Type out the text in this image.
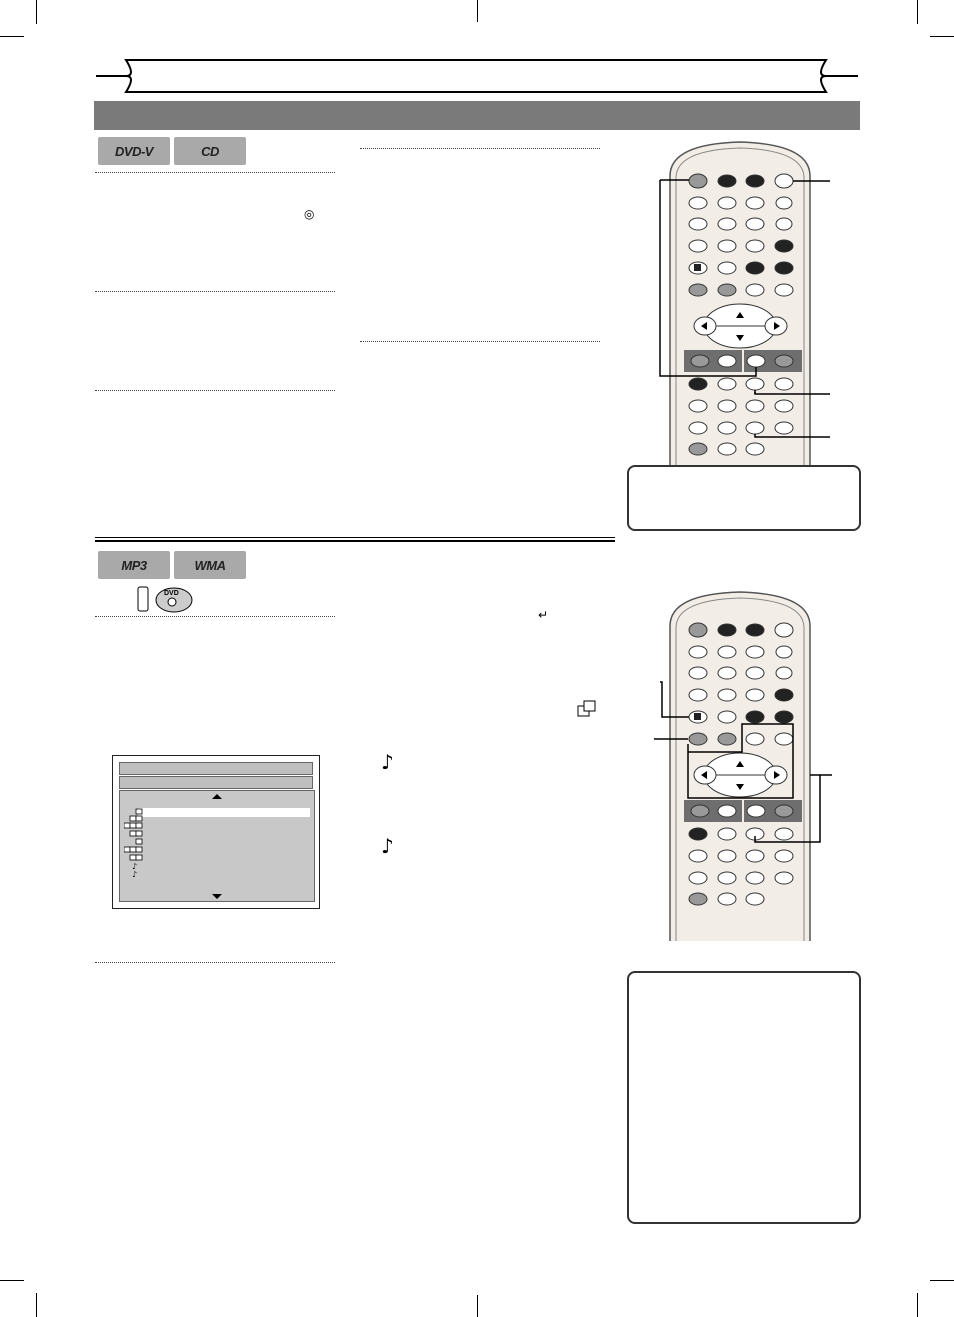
DVD-V	CD
◎
MP3	WMA
DVD
↵
♪
♪
♪
♪
